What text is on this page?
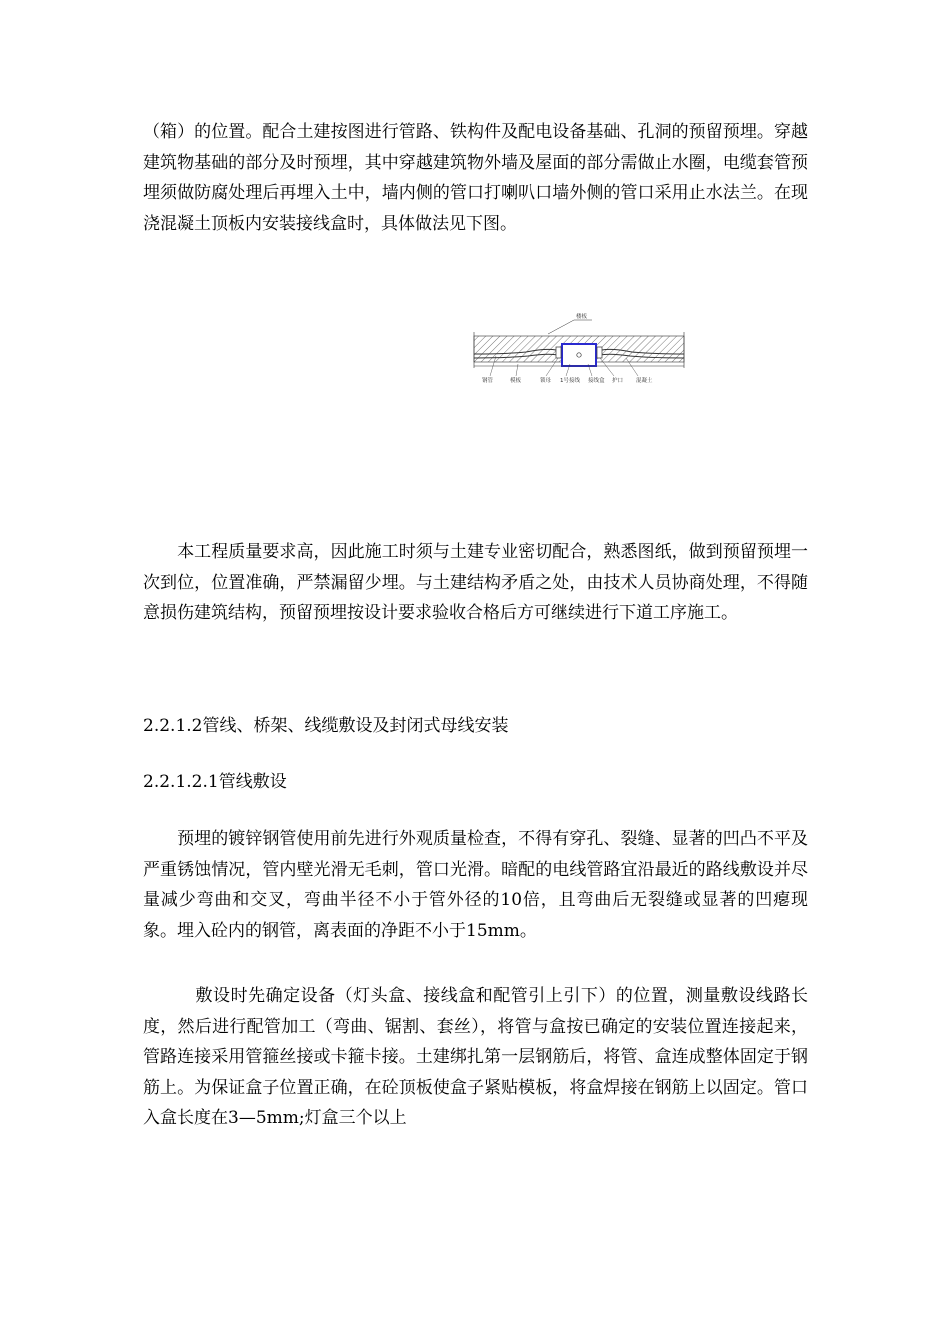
（箱）的位置。配合土建按图进行管路、铁构件及配电设备基础、孔洞的预留预埋。穿越建筑物基础的部分及时预埋，其中穿越建筑物外墙及屋面的部分需做止水圈，电缆套管预埋须做防腐处理后再埋入土中，墙内侧的管口打喇叭口墙外侧的管口采用止水法兰。在现浇混凝土顶板内安装接线盒时，具体做法见下图。

楼板
钢管	模板	锁母 1号接线 接线盒 护口 混凝土

　　本工程质量要求高，因此施工时须与土建专业密切配合，熟悉图纸，做到预留预埋一次到位，位置准确，严禁漏留少埋。与土建结构矛盾之处，由技术人员协商处理，不得随意损伤建筑结构，预留预埋按设计要求验收合格后方可继续进行下道工序施工。

2.2.1.2管线、桥架、线缆敷设及封闭式母线安装

2.2.1.2.1管线敷设

　　预埋的镀锌钢管使用前先进行外观质量检查，不得有穿孔、裂缝、显著的凹凸不平及严重锈蚀情况，管内壁光滑无毛刺，管口光滑。暗配的电线管路宜沿最近的路线敷设并尽量减少弯曲和交叉，弯曲半径不小于管外径的10倍，且弯曲后无裂缝或显著的凹瘪现象。埋入砼内的钢管，离表面的净距不小于15mm。

　　　敷设时先确定设备（灯头盒、接线盒和配管引上引下）的位置，测量敷设线路长度，然后进行配管加工（弯曲、锯割、套丝），将管与盒按已确定的安装位置连接起来，管路连接采用管箍丝接或卡箍卡接。土建绑扎第一层钢筋后，将管、盒连成整体固定于钢筋上。为保证盒子位置正确，在砼顶板使盒子紧贴模板，将盒焊接在钢筋上以固定。管口入盒长度在3—5mm;灯盒三个以上
